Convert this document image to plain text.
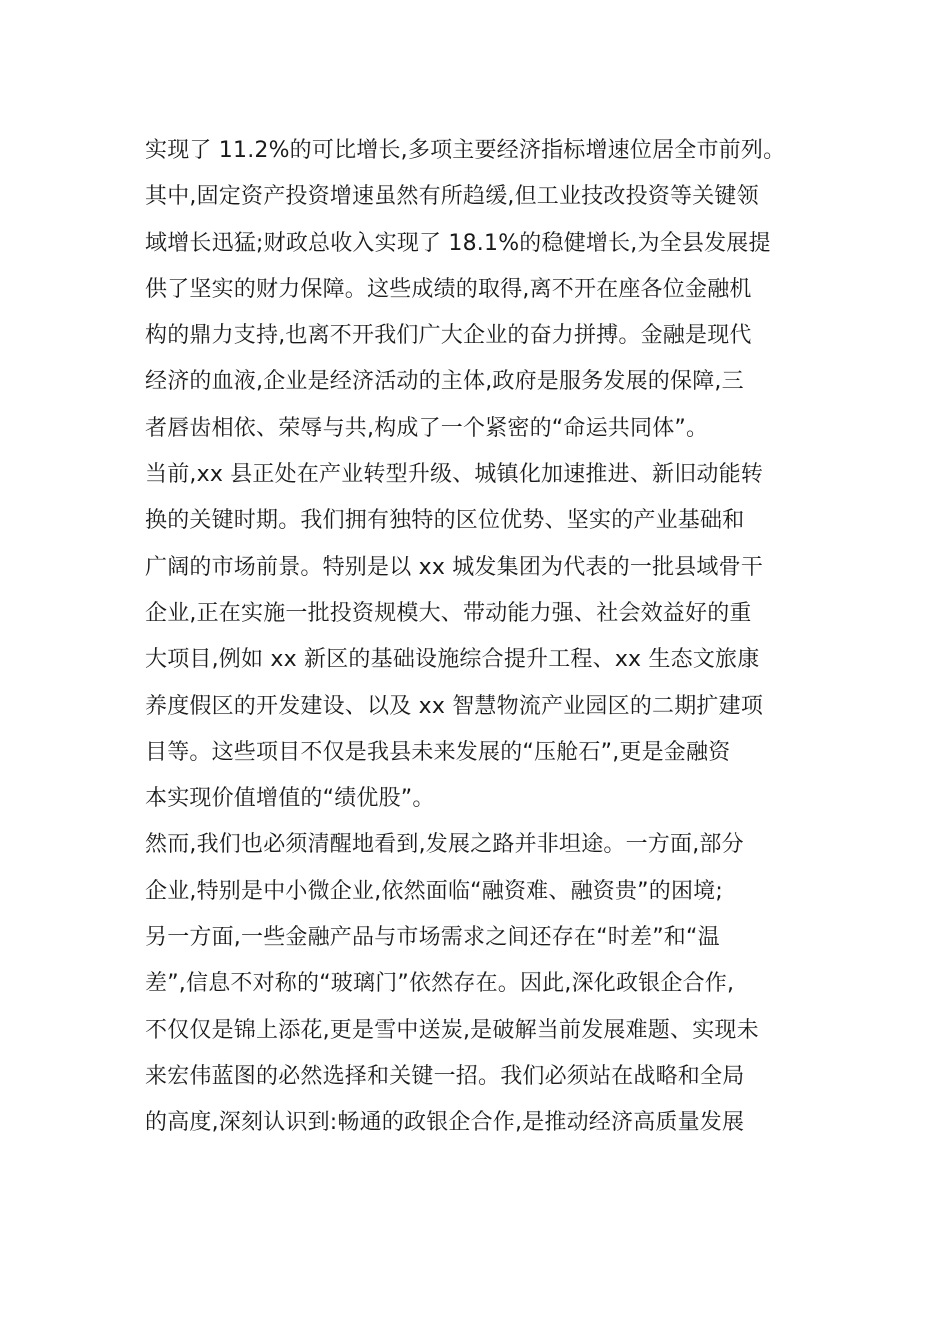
实现了 11.2%的可比增长,多项主要经济指标增速位居全市前列。
其中,固定资产投资增速虽然有所趋缓,但工业技改投资等关键领
域增长迅猛;财政总收入实现了 18.1%的稳健增长,为全县发展提
供了坚实的财力保障。这些成绩的取得,离不开在座各位金融机
构的鼎力支持,也离不开我们广大企业的奋力拼搏。金融是现代
经济的血液,企业是经济活动的主体,政府是服务发展的保障,三
者唇齿相依、荣辱与共,构成了一个紧密的“命运共同体”。
当前,xx 县正处在产业转型升级、城镇化加速推进、新旧动能转
换的关键时期。我们拥有独特的区位优势、坚实的产业基础和
广阔的市场前景。特别是以 xx 城发集团为代表的一批县域骨干
企业,正在实施一批投资规模大、带动能力强、社会效益好的重
大项目,例如 xx 新区的基础设施综合提升工程、xx 生态文旅康
养度假区的开发建设、以及 xx 智慧物流产业园区的二期扩建项
目等。这些项目不仅是我县未来发展的“压舱石”,更是金融资
本实现价值增值的“绩优股”。
然而,我们也必须清醒地看到,发展之路并非坦途。一方面,部分
企业,特别是中小微企业,依然面临“融资难、融资贵”的困境;
另一方面,一些金融产品与市场需求之间还存在“时差”和“温
差”,信息不对称的“玻璃门”依然存在。因此,深化政银企合作,
不仅仅是锦上添花,更是雪中送炭,是破解当前发展难题、实现未
来宏伟蓝图的必然选择和关键一招。我们必须站在战略和全局
的高度,深刻认识到:畅通的政银企合作,是推动经济高质量发展
